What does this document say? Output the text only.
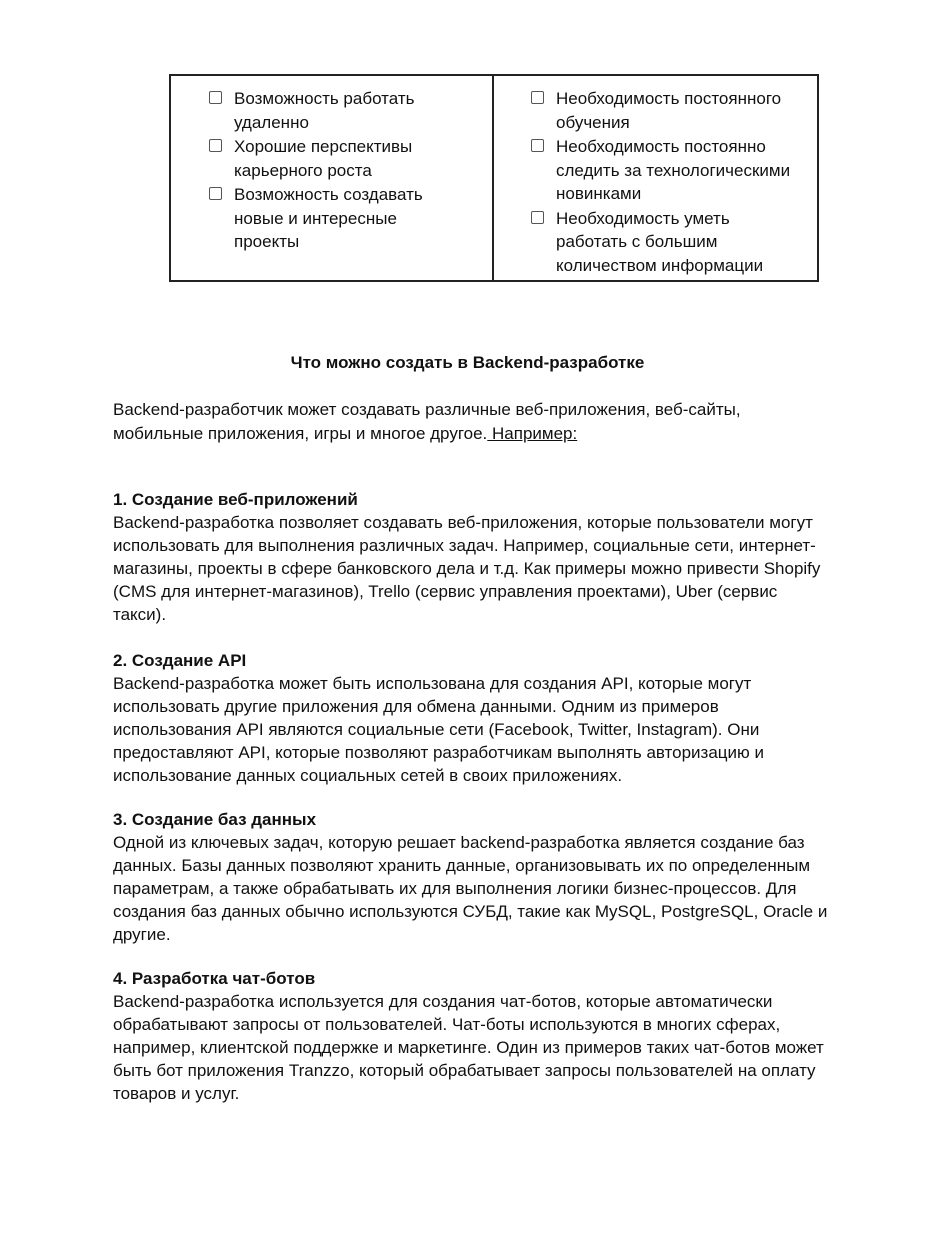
Возможность работать удаленно
Хорошие перспективы карьерного роста
Возможность создавать новые и интересные проекты
Необходимость постоянного обучения
Необходимость постоянно следить за технологическими новинками
Необходимость уметь работать с большим количеством информации
Что можно создать в Backend-разработке
Backend-разработчик может создавать различные веб-приложения, веб-сайты, мобильные приложения, игры и многое другое. Например:
1. Создание веб-приложений

Backend-разработка позволяет создавать веб-приложения, которые пользователи могут использовать для выполнения различных задач. Например, социальные сети, интернет-магазины, проекты в сфере банковского дела и т.д. Как примеры можно привести Shopify (CMS для интернет-магазинов), Trello (сервис управления проектами), Uber (сервис такси).

2. Создание API

Backend-разработка может быть использована для создания API, которые могут использовать другие приложения для обмена данными. Одним из примеров использования API являются социальные сети (Facebook, Twitter, Instagram). Они предоставляют API, которые позволяют разработчикам выполнять авторизацию и использование данных социальных сетей в своих приложениях.

3. Создание баз данных

Одной из ключевых задач, которую решает backend-разработка является создание баз данных. Базы данных позволяют хранить данные, организовывать их по определенным параметрам, а также обрабатывать их для выполнения логики бизнес-процессов. Для создания баз данных обычно используются СУБД, такие как MySQL, PostgreSQL, Oracle и другие.

4. Разработка чат-ботов

Backend-разработка используется для создания чат-ботов, которые автоматически обрабатывают запросы от пользователей. Чат-боты используются в многих сферах, например, клиентской поддержке и маркетинге. Один из примеров таких чат-ботов может быть бот приложения Tranzzo, который обрабатывает запросы пользователей на оплату товаров и услуг.
